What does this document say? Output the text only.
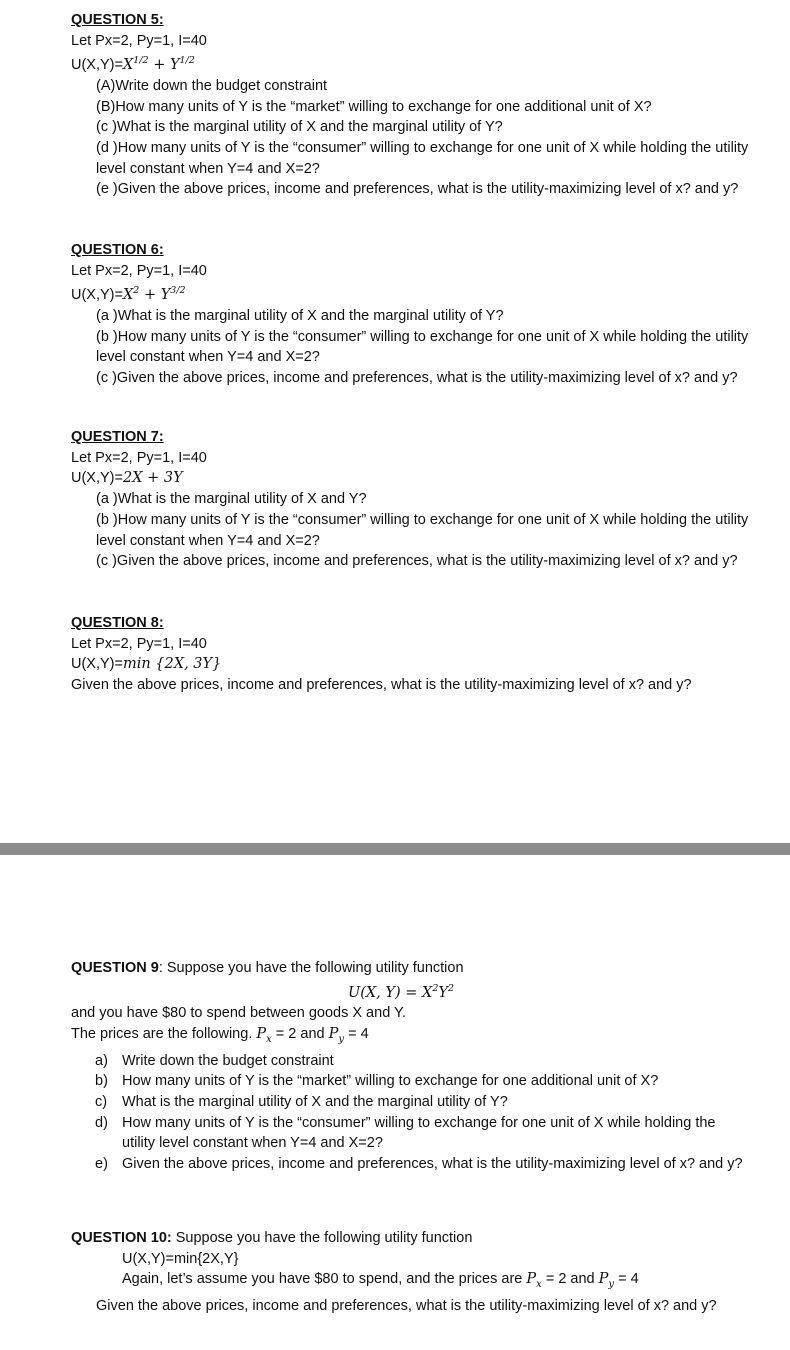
QUESTION 5:
Let Px=2, Py=1, I=40
$U(X,Y)=X^{1/2} + Y^{1/2}$
(A)Write down the budget constraint
(B)How many units of Y is the “market” willing to exchange for one additional unit of X?
(c )What is the marginal utility of X and the marginal utility of Y?
(d )How many units of Y is the “consumer” willing to exchange for one unit of X while holding the utility level constant when Y=4 and X=2?
(e )Given the above prices, income and preferences, what is the utility-maximizing level of x? and y?
QUESTION 6:
Let Px=2, Py=1, I=40
$U(X,Y)=X^2 + Y^{3/2}$
(a )What is the marginal utility of X and the marginal utility of Y?
(b )How many units of Y is the “consumer” willing to exchange for one unit of X while holding the utility level constant when Y=4 and X=2?
(c )Given the above prices, income and preferences, what is the utility-maximizing level of x? and y?
QUESTION 7:
Let Px=2, Py=1, I=40
U(X,Y)=2X + 3Y
(a )What is the marginal utility of X and Y?
(b )How many units of Y is the “consumer” willing to exchange for one unit of X while holding the utility level constant when Y=4 and X=2?
(c )Given the above prices, income and preferences, what is the utility-maximizing level of x? and y?
QUESTION 8:
Let Px=2, Py=1, I=40
U(X,Y)=min {2X, 3Y}
Given the above prices, income and preferences, what is the utility-maximizing level of x? and y?
QUESTION 9: Suppose you have the following utility function
U(X, $Y) = X^2Y^2$
and you have $80 to spend between goods X and Y.
The prices are the following. $P_x = 2$ and $P_y = 4$
a) Write down the budget constraint
b) How many units of Y is the “market” willing to exchange for one additional unit of X?
c)	What is the marginal utility of X and the marginal utility of Y?
d) How many units of Y is the “consumer” willing to exchange for one unit of X while holding the utility level constant when Y=4 and X=2?
e) Given the above prices, income and preferences, what is the utility-maximizing level of x? and y?
QUESTION 10: Suppose you have the following utility function
U(X,Y)=min{2X,Y}
Again, let’s assume you have $80 to spend, and the prices are $P_x = 2$ and $P_y = 4$
Given the above prices, income and preferences, what is the utility-maximizing level of x? and y?
